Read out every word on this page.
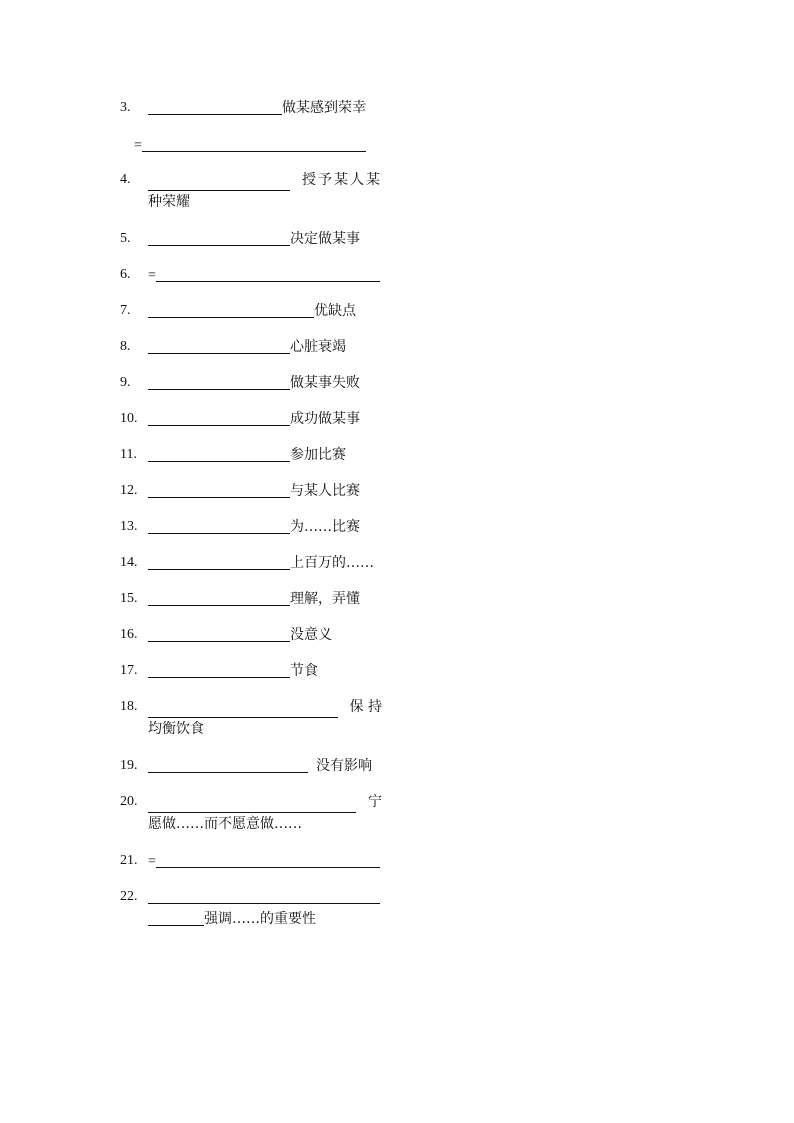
3.	做某感到荣幸
=
4.	授予某人某
种荣耀
5.	决定做某事
6. =
7.	优缺点
8.	心脏衰竭
9.	做某事失败
10.	成功做某事
11.	参加比赛
12.	与某人比赛
13.	为……比赛
14.	上百万的……
15.	理解，弄懂
16.	没意义
17.	节食
18.	保 持
均衡饮食
19.	没有影响
20.	宁
愿做……而不愿意做……
21. =
22.
强调……的重要性
